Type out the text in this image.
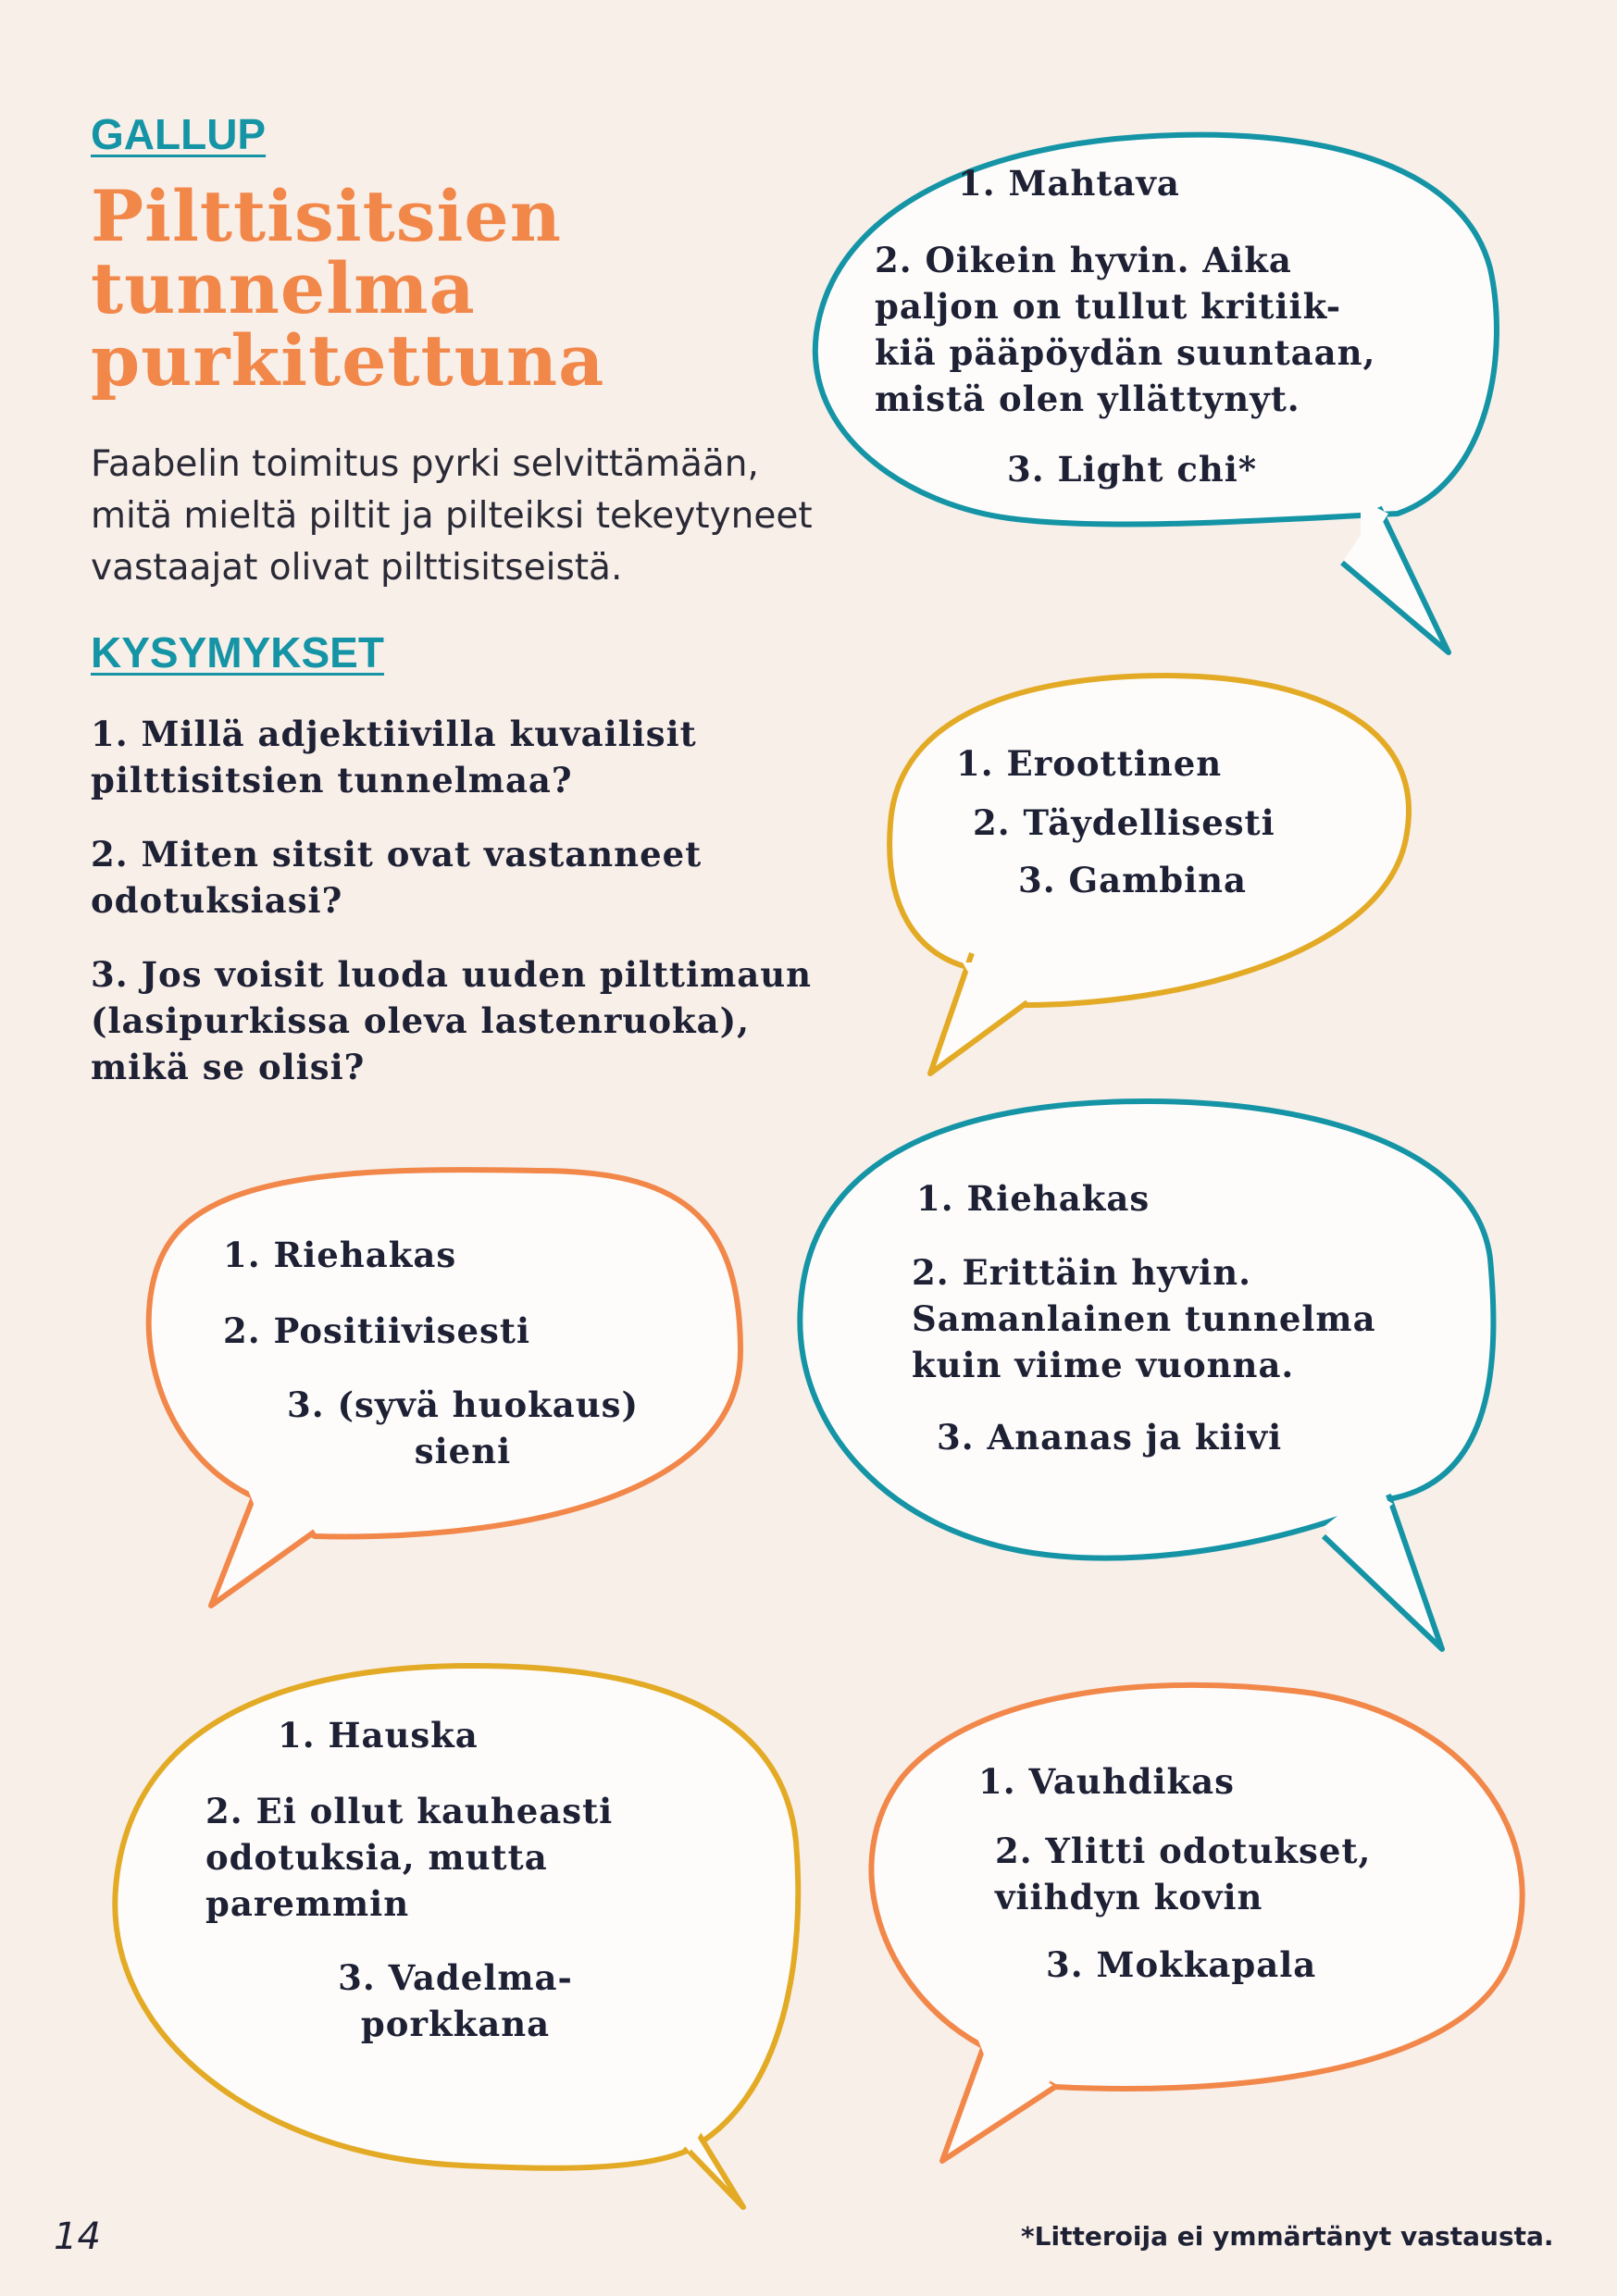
GALLUP
Pilttisitsien tunnelma purkitettuna
Faabelin toimitus pyrki selvittämään, mitä mieltä piltit ja pilteiksi tekeytyneet vastaajat olivat pilttisitseistä.
KYSYMYKSET
1. Millä adjektiivilla kuvailisit pilttisitsien tunnelmaa?
2. Miten sitsit ovat vastanneet odotuksiasi?
3. Jos voisit luoda uuden pilttimaun (lasipurkissa oleva lastenruoka), mikä se olisi?
1. Mahtava
2. Oikein hyvin. Aika
paljon on tullut kritiik-
kiä pääpöydän suuntaan,
mistä olen yllättynyt.
3. Light chi*
1. Eroottinen
2. Täydellisesti
3. Gambina
1. Riehakas
2. Positiivisesti
3. (syvä huokaus)
sieni
1. Riehakas
2. Erittäin hyvin.
Samanlainen tunnelma
kuin viime vuonna.
3. Ananas ja kiivi
1. Hauska
2. Ei ollut kauheasti
odotuksia, mutta
paremmin
3. Vadelma-
porkkana
1. Vauhdikas
2. Ylitti odotukset,
viihdyn kovin
3. Mokkapala
14	*Litteroija ei ymmärtänyt vastausta.
